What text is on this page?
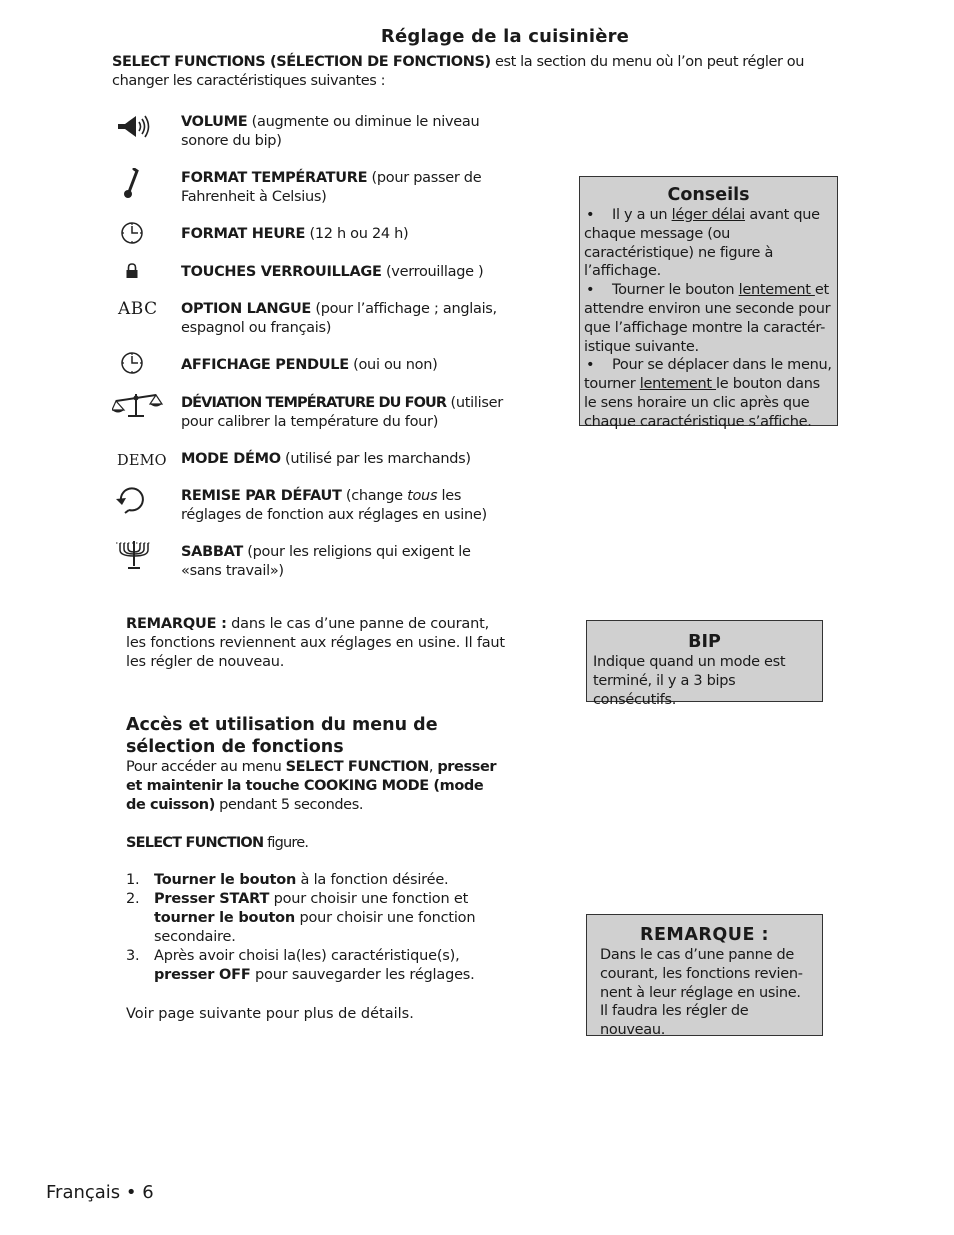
Réglage de la cuisinière
SELECT FUNCTIONS (SÉLECTION DE FONCTIONS) est la section du menu où l’on peut régler ou changer les caractéristiques suivantes :
VOLUME (augmente ou diminue le niveau sonore du bip)
FORMAT TEMPÉRATURE (pour passer de Fahrenheit à Celsius)
FORMAT HEURE (12 h ou 24 h)
TOUCHES VERROUILLAGE (verrouillage )
ABC OPTION LANGUE (pour l’affichage ; anglais, espagnol ou français)
AFFICHAGE PENDULE (oui ou non)
DÉVIATION TEMPÉRATURE DU FOUR (utiliser pour calibrer la température du four)
DEMO MODE DÉMO (utilisé par les marchands)
REMISE PAR DÉFAUT (change tous les réglages de fonction aux réglages en usine)
SABBAT (pour les religions qui exigent le «sans travail»)
REMARQUE : dans le cas d’une panne de courant, les fonctions reviennent aux réglages en usine. Il faut les régler de nouveau.
Accès et utilisation du menu de sélection de fonctions
Pour accéder au menu SELECT FUNCTION, presser et maintenir la touche COOKING MODE (mode de cuisson) pendant 5 secondes.
SELECT FUNCTION figure.
1.	Tourner le bouton à la fonction désirée.
2.	Presser START pour choisir une fonction et tourner le bouton pour choisir une fonction secondaire.
3.	Après avoir choisi la(les) caractéristique(s), presser OFF pour sauvegarder les réglages.
Voir page suivante pour plus de détails.
Conseils
• Il y a un léger délai avant que chaque message (ou caractéristique) ne figure à l’affichage.
• Tourner le bouton lentement et attendre environ une seconde pour que l’affichage montre la caractér-istique suivante.
• Pour se déplacer dans le menu, tourner lentement le bouton dans le sens horaire un clic après que chaque caractéristique s’affiche.
BIP
Indique quand un mode est terminé, il y a 3 bips consécutifs.
REMARQUE :
Dans le cas d’une panne de courant, les fonctions revien-nent à leur réglage en usine. Il faudra les régler de nouveau.
Français • 6
